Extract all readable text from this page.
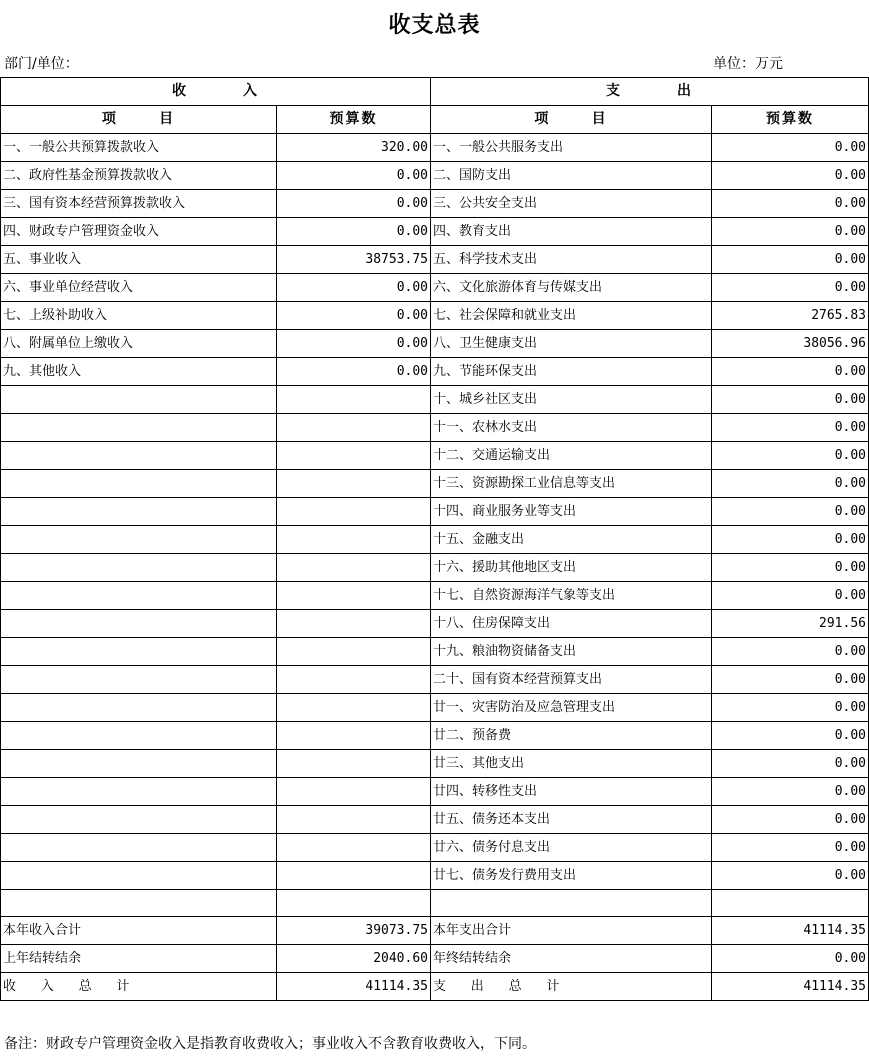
收支总表
部门/单位：	单位：万元
收        入		支        出	
项      目	预算数	项      目	预算数
一、一般公共预算拨款收入	320.00	一、一般公共服务支出	0.00
二、政府性基金预算拨款收入	0.00	二、国防支出	0.00
三、国有资本经营预算拨款收入	0.00	三、公共安全支出	0.00
四、财政专户管理资金收入	0.00	四、教育支出	0.00
五、事业收入	38753.75	五、科学技术支出	0.00
六、事业单位经营收入	0.00	六、文化旅游体育与传媒支出	0.00
七、上级补助收入	0.00	七、社会保障和就业支出	2765.83
八、附属单位上缴收入	0.00	八、卫生健康支出	38056.96
九、其他收入	0.00	九、节能环保支出	0.00
		十、城乡社区支出	0.00
		十一、农林水支出	0.00
		十二、交通运输支出	0.00
		十三、资源勘探工业信息等支出	0.00
		十四、商业服务业等支出	0.00
		十五、金融支出	0.00
		十六、援助其他地区支出	0.00
		十七、自然资源海洋气象等支出	0.00
		十八、住房保障支出	291.56
		十九、粮油物资储备支出	0.00
		二十、国有资本经营预算支出	0.00
		廿一、灾害防治及应急管理支出	0.00
		廿二、预备费	0.00
		廿三、其他支出	0.00
		廿四、转移性支出	0.00
		廿五、债务还本支出	0.00
		廿六、债务付息支出	0.00
		廿七、债务发行费用支出	0.00

本年收入合计	39073.75	本年支出合计	41114.35
上年结转结余	2040.60	年终结转结余	0.00
收      入      总      计	41114.35	支      出      总      计	41114.35
备注：财政专户管理资金收入是指教育收费收入；事业收入不含教育收费收入，下同。
